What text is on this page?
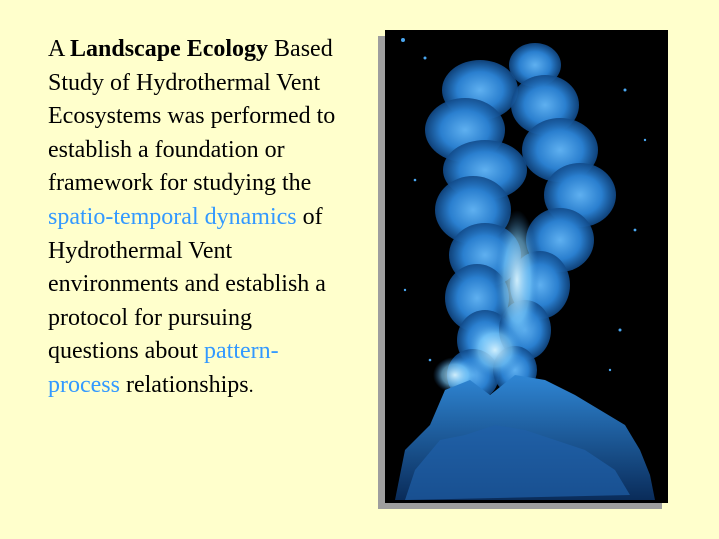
A Landscape Ecology Based Study of Hydrothermal Vent Ecosystems was performed to establish a foundation or framework for studying the spatio-temporal dynamics of Hydrothermal Vent environments and establish a protocol for pursuing questions about pattern-process relationships.
